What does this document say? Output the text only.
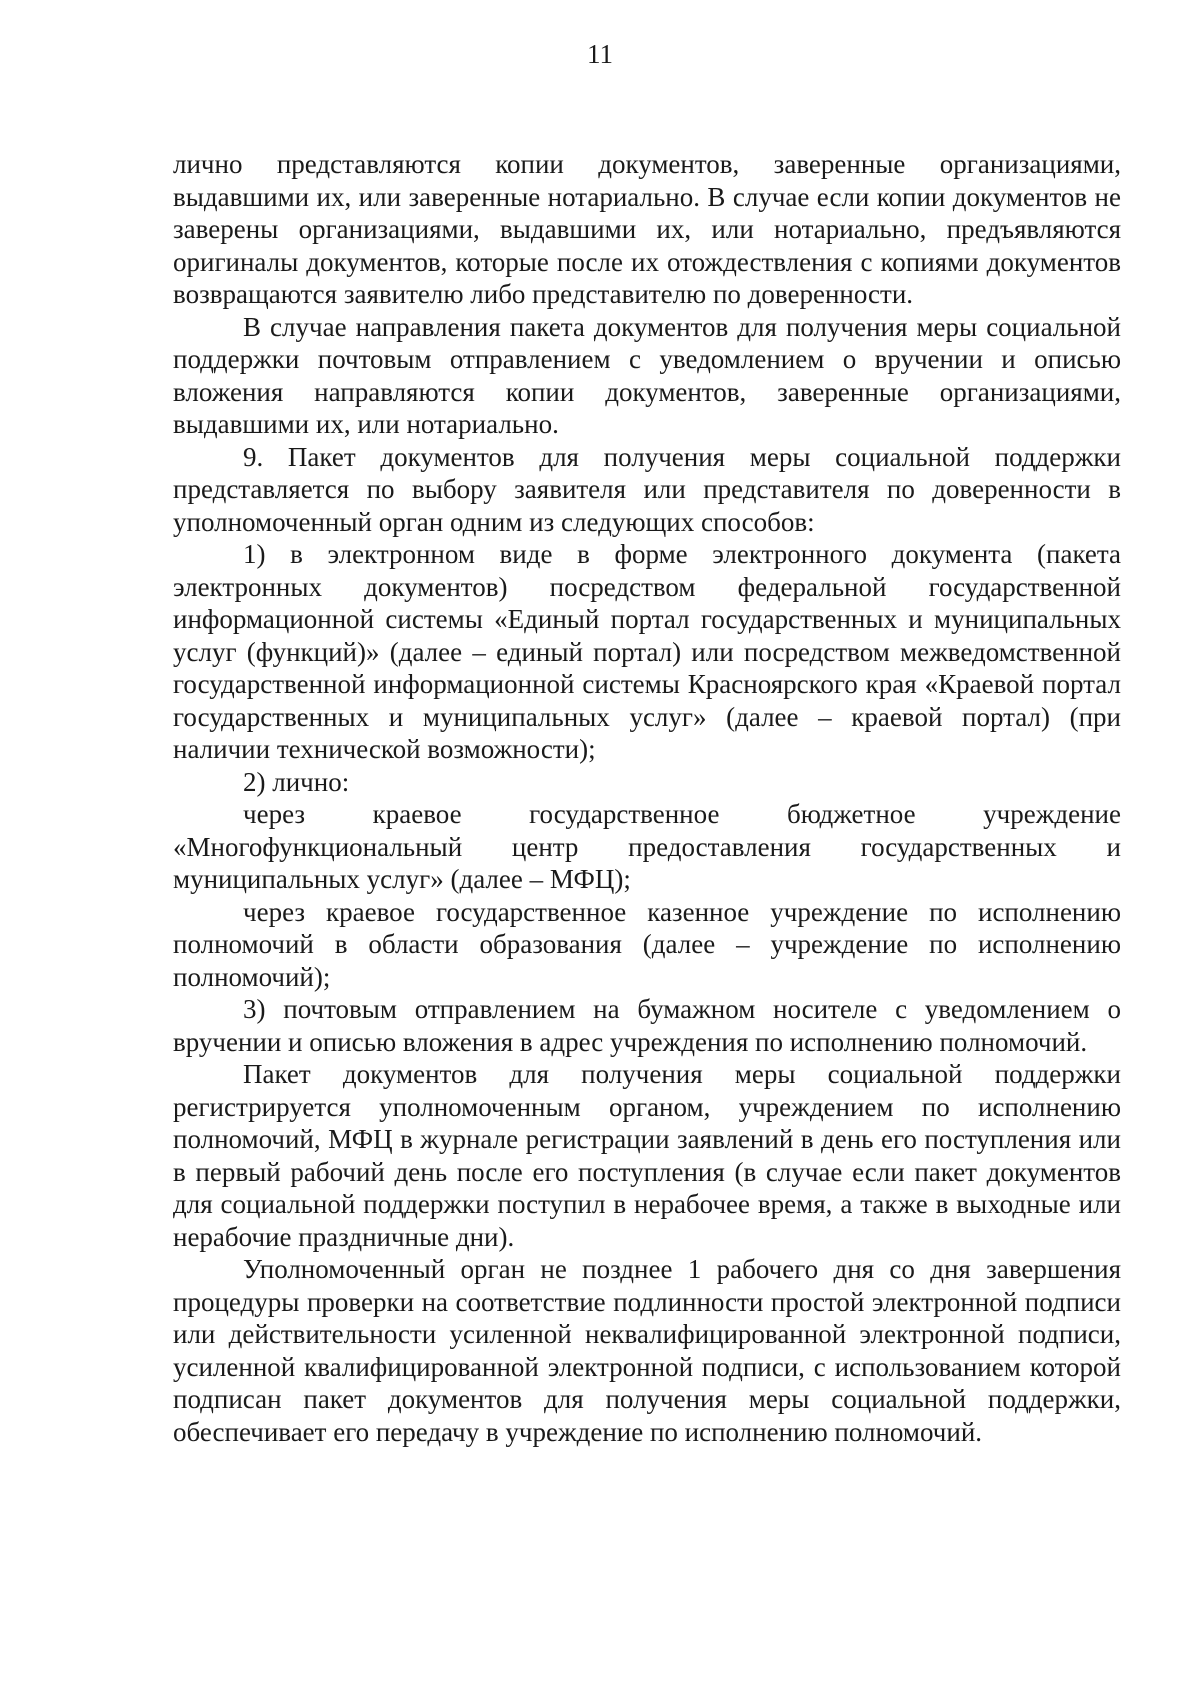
11

лично представляются копии документов, заверенные организациями, выдавшими их, или заверенные нотариально. В случае если копии документов не заверены организациями, выдавшими их, или нотариально, предъявляются оригиналы документов, которые после их отождествления с копиями документов возвращаются заявителю либо представителю по доверенности.

В случае направления пакета документов для получения меры социальной поддержки почтовым отправлением с уведомлением о вручении и описью вложения направляются копии документов, заверенные организациями, выдавшими их, или нотариально.

9. Пакет документов для получения меры социальной поддержки представляется по выбору заявителя или представителя по доверенности в уполномоченный орган одним из следующих способов:

1) в электронном виде в форме электронного документа (пакета электронных документов) посредством федеральной государственной информационной системы «Единый портал государственных и муниципальных услуг (функций)» (далее – единый портал) или посредством межведомственной государственной информационной системы Красноярского края «Краевой портал государственных и муниципальных услуг» (далее – краевой портал) (при наличии технической возможности);

2) лично:

через краевое государственное бюджетное учреждение «Многофункциональный центр предоставления государственных и муниципальных услуг» (далее – МФЦ);

через краевое государственное казенное учреждение по исполнению полномочий в области образования (далее – учреждение по исполнению полномочий);

3) почтовым отправлением на бумажном носителе с уведомлением о вручении и описью вложения в адрес учреждения по исполнению полномочий.

Пакет документов для получения меры социальной поддержки регистрируется уполномоченным органом, учреждением по исполнению полномочий, МФЦ в журнале регистрации заявлений в день его поступления или в первый рабочий день после его поступления (в случае если пакет документов для социальной поддержки поступил в нерабочее время, а также в выходные или нерабочие праздничные дни).

Уполномоченный орган не позднее 1 рабочего дня со дня завершения процедуры проверки на соответствие подлинности простой электронной подписи или действительности усиленной неквалифицированной электронной подписи, усиленной квалифицированной электронной подписи, с использованием которой подписан пакет документов для получения меры социальной поддержки, обеспечивает его передачу в учреждение по исполнению полномочий.
